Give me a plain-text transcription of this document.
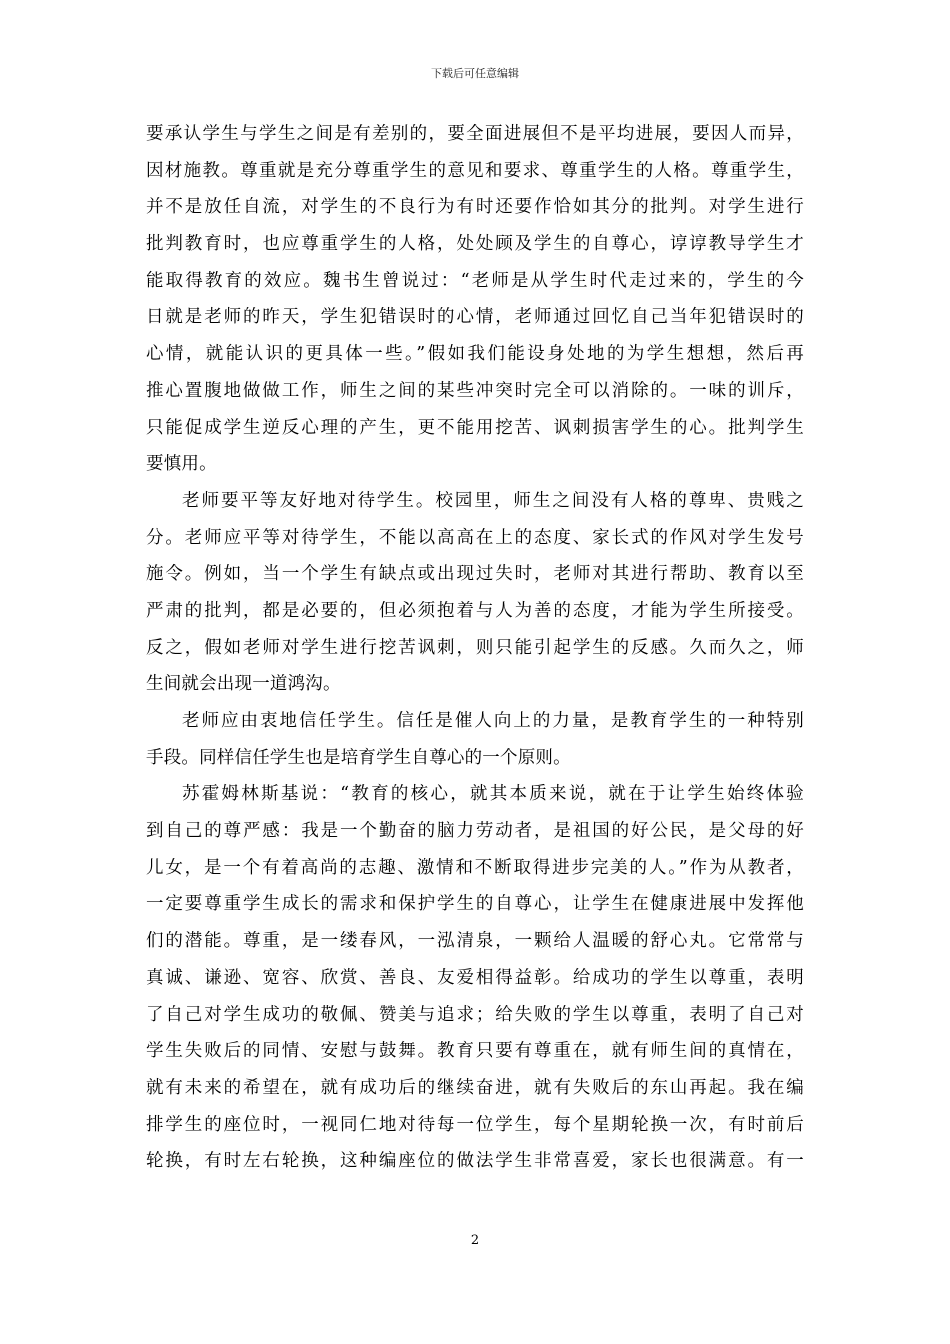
下载后可任意编辑

要承认学生与学生之间是有差别的，要全面进展但不是平均进展，要因人而异，
因材施教。尊重就是充分尊重学生的意见和要求、尊重学生的人格。尊重学生，
并不是放任自流，对学生的不良行为有时还要作恰如其分的批判。对学生进行
批判教育时，也应尊重学生的人格，处处顾及学生的自尊心，谆谆教导学生才
能取得教育的效应。魏书生曾说过：“老师是从学生时代走过来的，学生的今
日就是老师的昨天，学生犯错误时的心情，老师通过回忆自己当年犯错误时的
心情，就能认识的更具体一些。”假如我们能设身处地的为学生想想，然后再
推心置腹地做做工作，师生之间的某些冲突时完全可以消除的。一味的训斥，
只能促成学生逆反心理的产生，更不能用挖苦、讽刺损害学生的心。批判学生
要慎用。

老师要平等友好地对待学生。校园里，师生之间没有人格的尊卑、贵贱之
分。老师应平等对待学生，不能以高高在上的态度、家长式的作风对学生发号
施令。例如，当一个学生有缺点或出现过失时，老师对其进行帮助、教育以至
严肃的批判，都是必要的，但必须抱着与人为善的态度，才能为学生所接受。
反之，假如老师对学生进行挖苦讽刺，则只能引起学生的反感。久而久之，师
生间就会出现一道鸿沟。

老师应由衷地信任学生。信任是催人向上的力量，是教育学生的一种特别
手段。同样信任学生也是培育学生自尊心的一个原则。

苏霍姆林斯基说：“教育的核心，就其本质来说，就在于让学生始终体验
到自己的尊严感：我是一个勤奋的脑力劳动者，是祖国的好公民，是父母的好
儿女，是一个有着高尚的志趣、激情和不断取得进步完美的人。”作为从教者，
一定要尊重学生成长的需求和保护学生的自尊心，让学生在健康进展中发挥他
们的潜能。尊重，是一缕春风，一泓清泉，一颗给人温暖的舒心丸。它常常与
真诚、谦逊、宽容、欣赏、善良、友爱相得益彰。给成功的学生以尊重，表明
了自己对学生成功的敬佩、赞美与追求；给失败的学生以尊重，表明了自己对
学生失败后的同情、安慰与鼓舞。教育只要有尊重在，就有师生间的真情在，
就有未来的希望在，就有成功后的继续奋进，就有失败后的东山再起。我在编
排学生的座位时，一视同仁地对待每一位学生，每个星期轮换一次，有时前后
轮换，有时左右轮换，这种编座位的做法学生非常喜爱，家长也很满意。有一

2
